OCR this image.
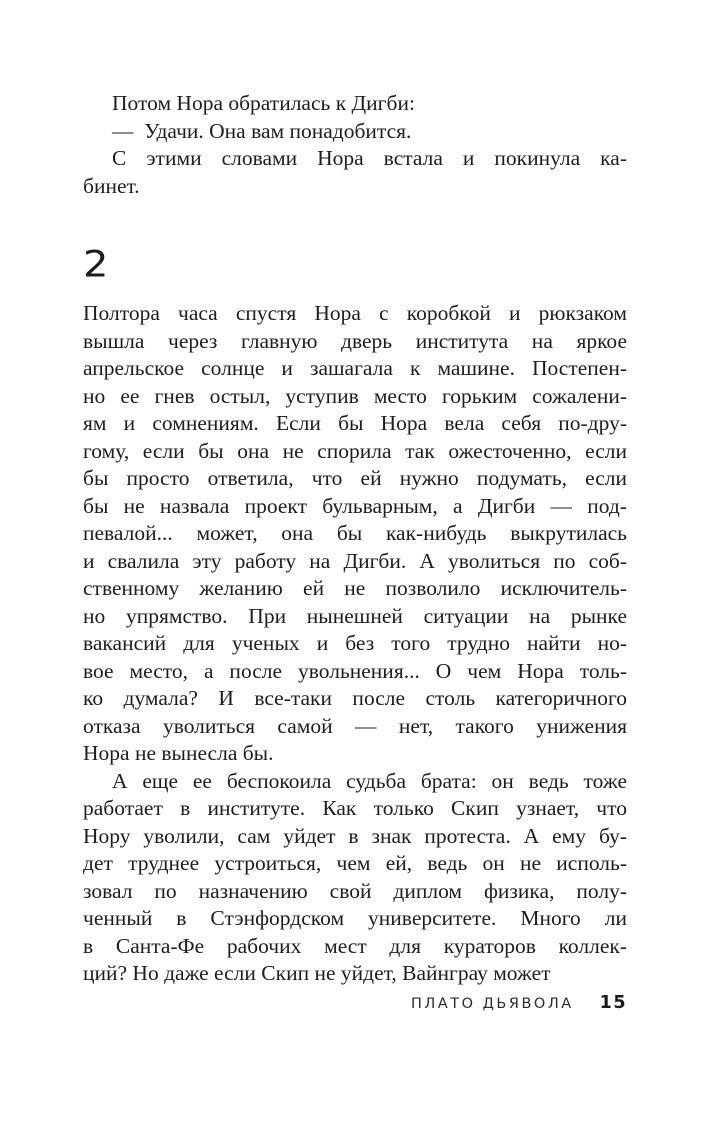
Потом Нора обратилась к Дигби:
—  Удачи. Она вам понадобится.
С этими словами Нора встала и покинула ка-
бинет.
2
Полтора часа спустя Нора с коробкой и рюкзаком
вышла через главную дверь института на яркое
апрельское солнце и зашагала к машине. Постепен-
но ее гнев остыл, уступив место горьким сожалени-
ям и сомнениям. Если бы Нора вела себя по-дру-
гому, если бы она не спорила так ожесточенно, если
бы просто ответила, что ей нужно подумать, если
бы не назвала проект бульварным, а Дигби — под-
певалой... может, она бы как-нибудь выкрутилась
и свалила эту работу на Дигби. А уволиться по соб-
ственному желанию ей не позволило исключитель-
но упрямство. При нынешней ситуации на рынке
вакансий для ученых и без того трудно найти но-
вое место, а после увольнения... О чем Нора толь-
ко думала? И все-таки после столь категоричного
отказа уволиться самой — нет, такого унижения
Нора не вынесла бы.
А еще ее беспокоила судьба брата: он ведь тоже
работает в институте. Как только Скип узнает, что
Нору уволили, сам уйдет в знак протеста. А ему бу-
дет труднее устроиться, чем ей, ведь он не исполь-
зовал по назначению свой диплом физика, полу-
ченный в Стэнфордском университете. Много ли
в Санта-Фе рабочих мест для кураторов коллек-
ций? Но даже если Скип не уйдет, Вайнграу может
ПЛАТО ДЬЯВОЛА 15
